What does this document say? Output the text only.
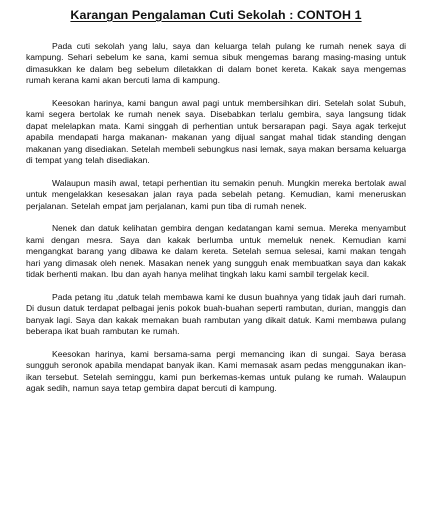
Karangan Pengalaman Cuti Sekolah : CONTOH 1

Pada cuti sekolah yang lalu, saya dan keluarga telah pulang ke rumah nenek saya di kampung. Sehari sebelum ke sana, kami semua sibuk mengemas barang masing-masing untuk dimasukkan ke dalam beg sebelum diletakkan di dalam bonet kereta. Kakak saya mengemas rumah kerana kami akan bercuti lama di kampung.

Keesokan harinya, kami bangun awal pagi untuk membersihkan diri. Setelah solat Subuh, kami segera bertolak ke rumah nenek saya. Disebabkan terlalu gembira, saya langsung tidak dapat melelapkan mata. Kami singgah di perhentian untuk bersarapan pagi. Saya agak terkejut apabila mendapati harga makanan- makanan yang dijual sangat mahal tidak standing dengan makanan yang disediakan. Setelah membeli sebungkus nasi lemak, saya makan bersama keluarga di tempat yang telah disediakan.

Walaupun masih awal, tetapi perhentian itu semakin penuh. Mungkin mereka bertolak awal untuk mengelakkan kesesakan jalan raya pada sebelah petang. Kemudian, kami meneruskan perjalanan. Setelah empat jam perjalanan, kami pun tiba di rumah nenek.

Nenek dan datuk kelihatan gembira dengan kedatangan kami semua. Mereka menyambut kami dengan mesra. Saya dan kakak berlumba untuk memeluk nenek. Kemudian kami mengangkat barang yang dibawa ke dalam kereta. Setelah semua selesai, kami makan tengah hari yang dimasak oleh nenek. Masakan nenek yang sungguh enak membuatkan saya dan kakak tidak berhenti makan. Ibu dan ayah hanya melihat tingkah laku kami sambil tergelak kecil.

Pada petang itu ,datuk telah membawa kami ke dusun buahnya yang tidak jauh dari rumah. Di dusun datuk terdapat pelbagai jenis pokok buah-buahan seperti rambutan, durian, manggis dan banyak lagi. Saya dan kakak memakan buah rambutan yang dikait datuk. Kami membawa pulang beberapa ikat buah rambutan ke rumah.

Keesokan harinya, kami bersama-sama pergi memancing ikan di sungai. Saya berasa sungguh seronok apabila mendapat banyak ikan. Kami memasak asam pedas menggunakan ikan-ikan tersebut. Setelah seminggu, kami pun berkemas-kemas untuk pulang ke rumah. Walaupun agak sedih, namun saya tetap gembira dapat bercuti di kampung.
